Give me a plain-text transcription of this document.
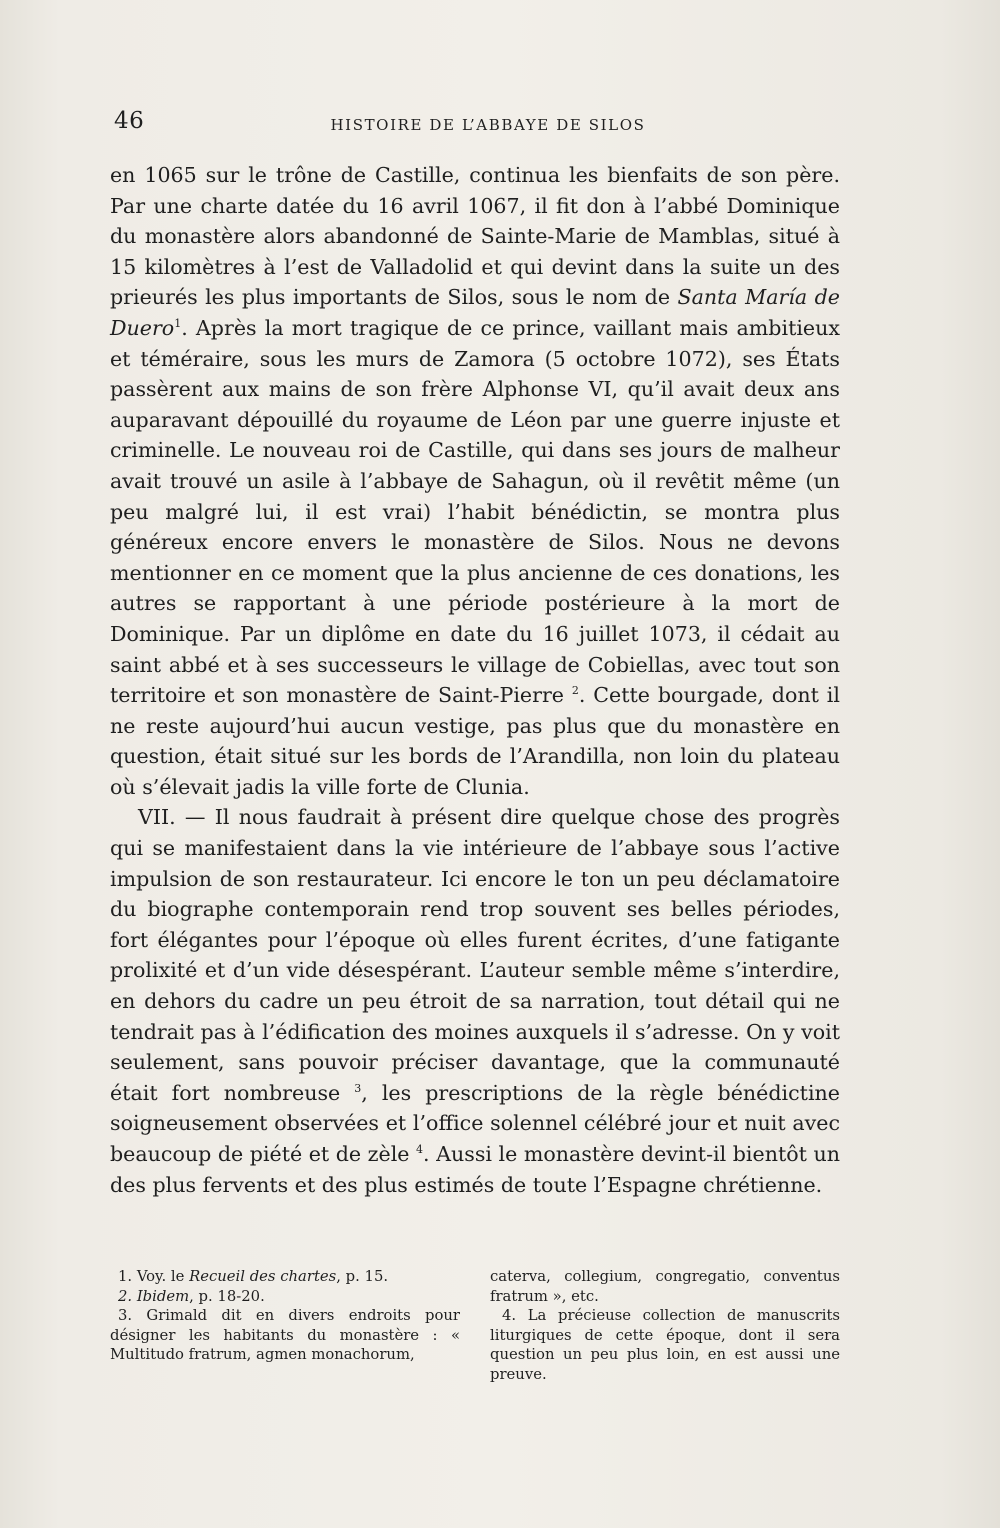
46	HISTOIRE DE L’ABBAYE DE SILOS

en 1065 sur le trône de Castille, continua les bienfaits de son père. Par une charte datée du 16 avril 1067, il fit don à l’abbé Dominique du monastère alors abandonné de Sainte-Marie de Mamblas, situé à 15 kilomètres à l’est de Valladolid et qui devint dans la suite un des prieurés les plus importants de Silos, sous le nom de Santa María de Duero$^1$. Après la mort tragique de ce prince, vaillant mais ambitieux et téméraire, sous les murs de Zamora (5 octobre 1072), ses États passèrent aux mains de son frère Alphonse VI, qu’il avait deux ans auparavant dépouillé du royaume de Léon par une guerre injuste et criminelle. Le nouveau roi de Castille, qui dans ses jours de malheur avait trouvé un asile à l’abbaye de Sahagun, où il revêtit même (un peu malgré lui, il est vrai) l’habit bénédictin, se montra plus généreux encore envers le monastère de Silos. Nous ne devons mentionner en ce moment que la plus ancienne de ces donations, les autres se rapportant à une période postérieure à la mort de Dominique. Par un diplôme en date du 16 juillet 1073, il cédait au saint abbé et à ses successeurs le village de Cobiellas, avec tout son territoire et son monastère de Saint-Pierre $^2$. Cette bourgade, dont il ne reste aujourd’hui aucun vestige, pas plus que du monastère en question, était situé sur les bords de l’Arandilla, non loin du plateau où s’élevait jadis la ville forte de Clunia.

VII. — Il nous faudrait à présent dire quelque chose des progrès qui se manifestaient dans la vie intérieure de l’abbaye sous l’active impulsion de son restaurateur. Ici encore le ton un peu déclamatoire du biographe contemporain rend trop souvent ses belles périodes, fort élégantes pour l’époque où elles furent écrites, d’une fatigante prolixité et d’un vide désespérant. L’auteur semble même s’interdire, en dehors du cadre un peu étroit de sa narration, tout détail qui ne tendrait pas à l’édification des moines auxquels il s’adresse. On y voit seulement, sans pouvoir préciser davantage, que la communauté était fort nombreuse $^3$, les prescriptions de la règle bénédictine soigneusement observées et l’office solennel célébré jour et nuit avec beaucoup de piété et de zèle $^4$. Aussi le monastère devint-il bientôt un des plus fervents et des plus estimés de toute l’Espagne chrétienne.

1. Voy. le Recueil des chartes, p. 15.

2. Ibidem, p. 18-20.

3. Grimald dit en divers endroits pour désigner les habitants du monastère : « Multitudo fratrum, agmen monachorum,

caterva, collegium, congregatio, conventus fratrum », etc.

4. La précieuse collection de manuscrits liturgiques de cette époque, dont il sera question un peu plus loin, en est aussi une preuve.
